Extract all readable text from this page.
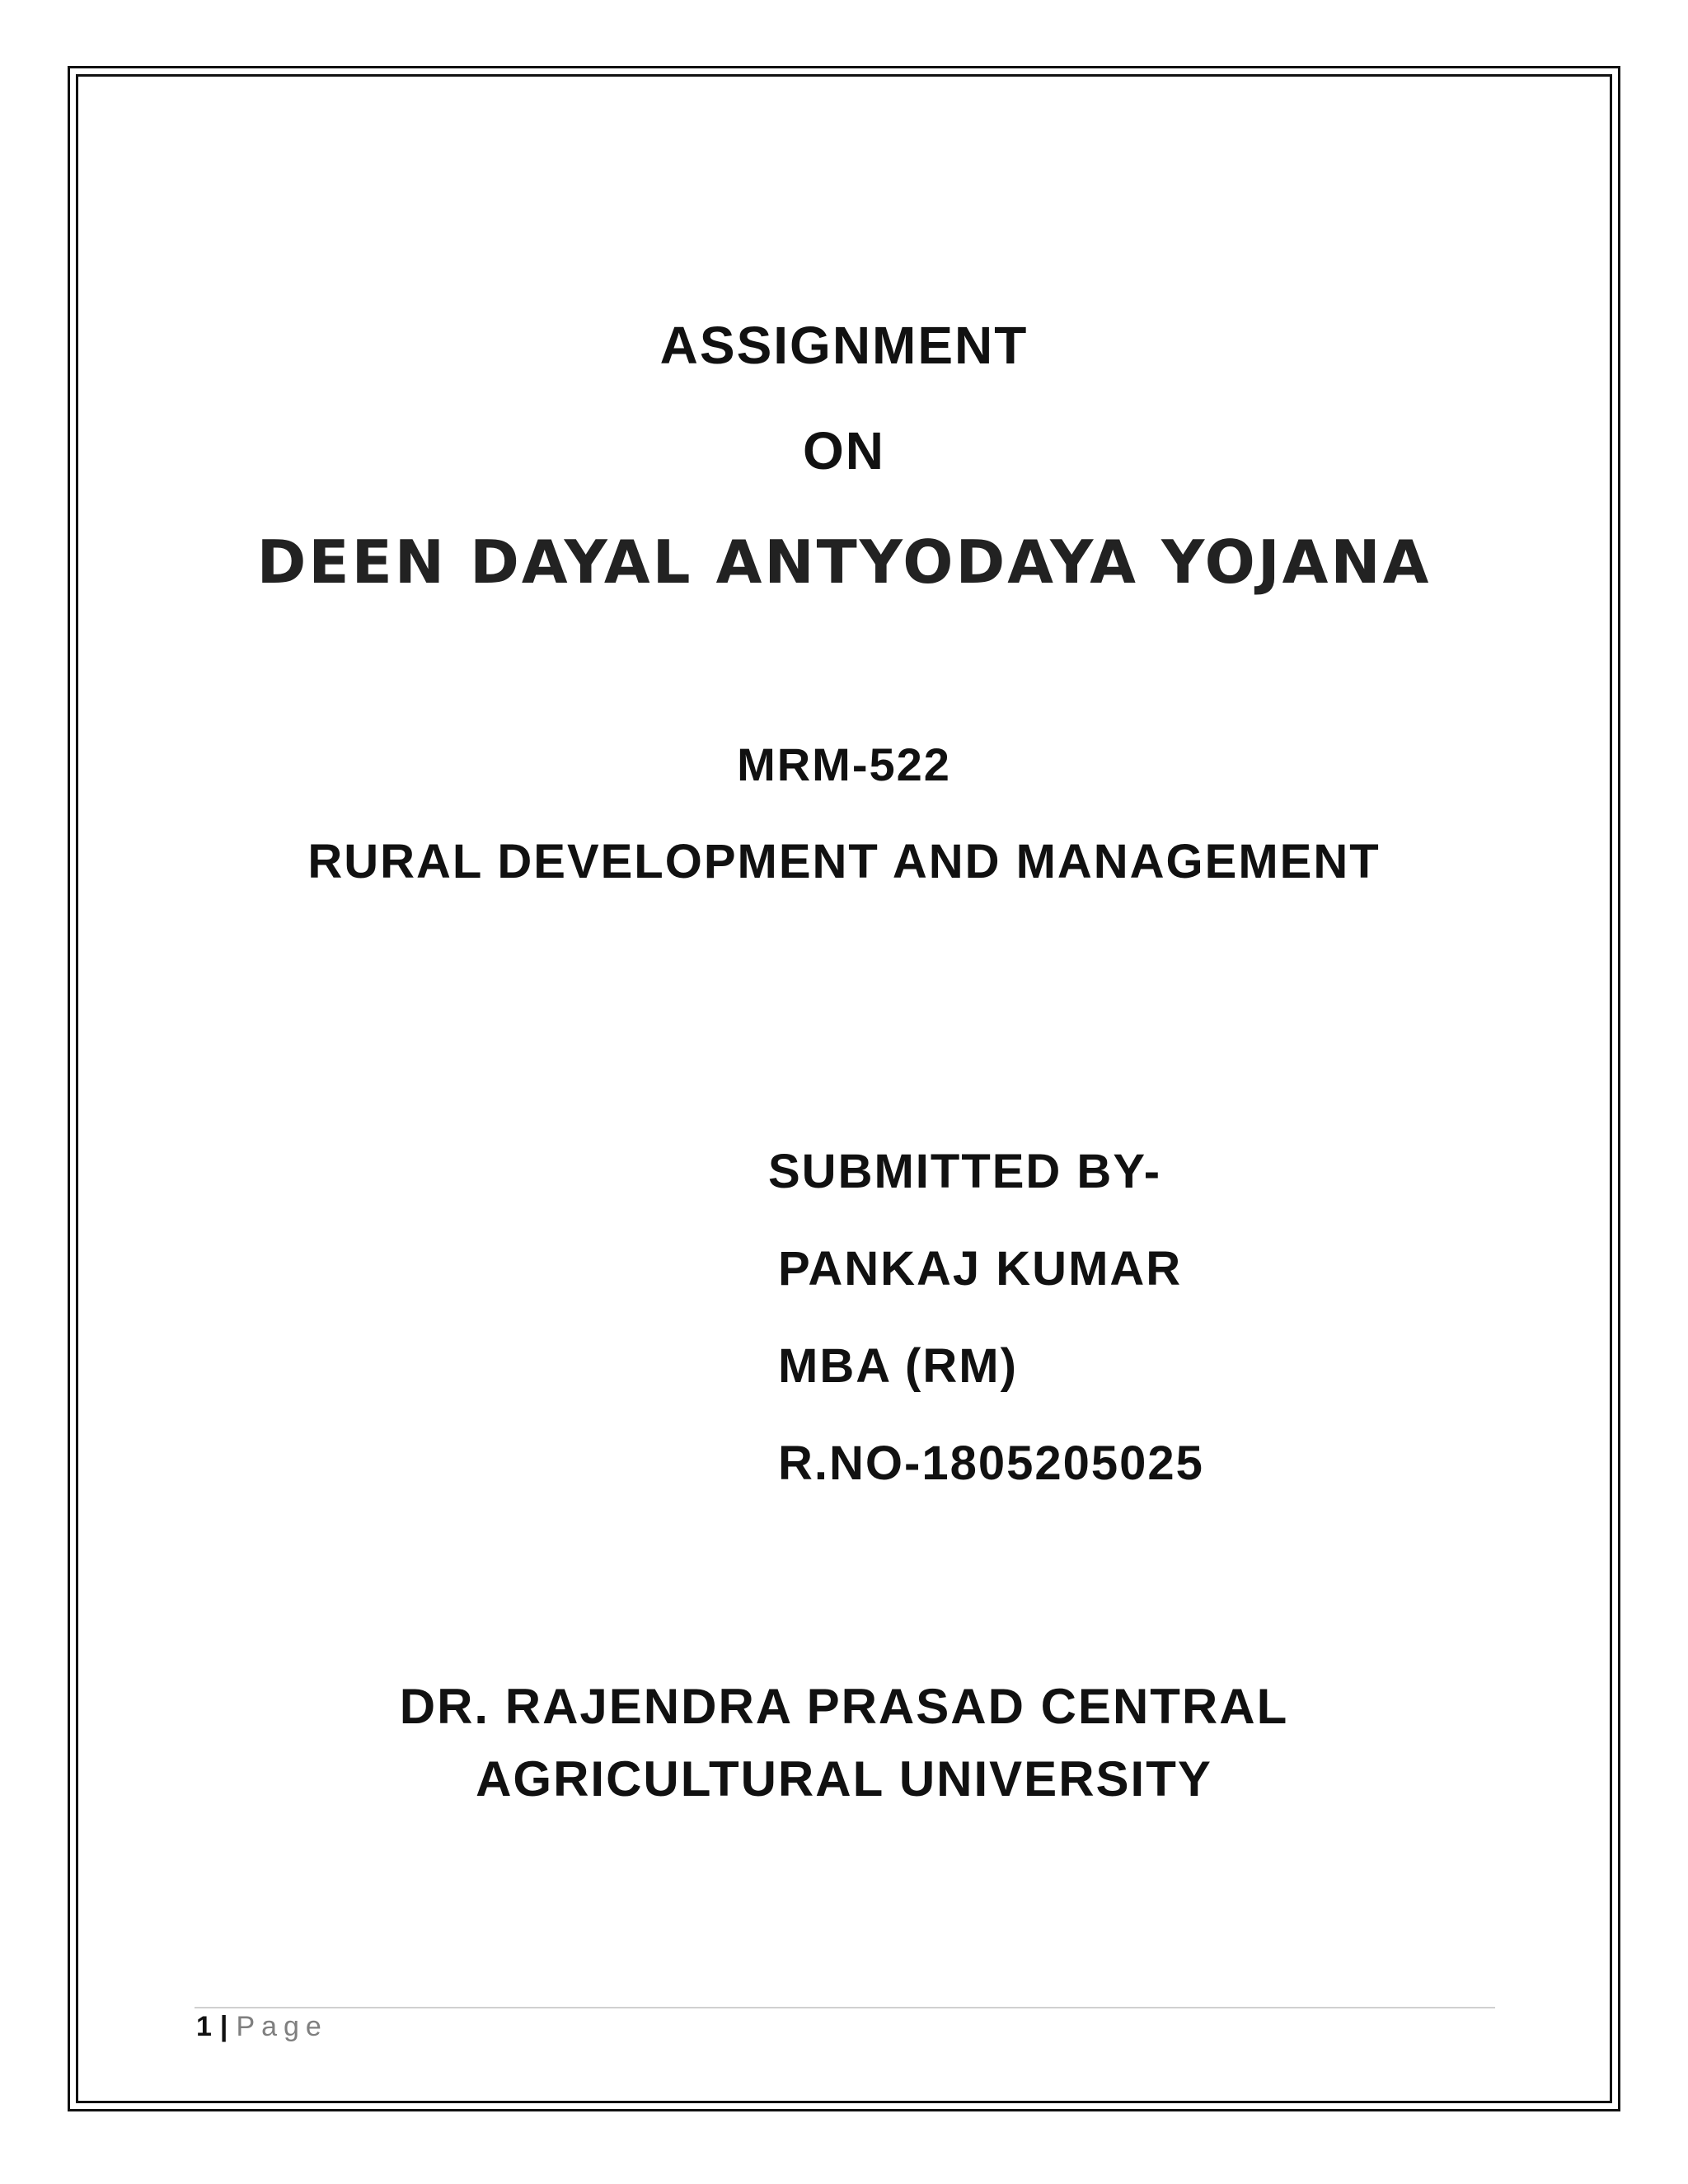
ASSIGNMENT
ON
DEEN DAYAL ANTYODAYA YOJANA
MRM-522
RURAL DEVELOPMENT AND MANAGEMENT
SUBMITTED BY-
PANKAJ KUMAR
MBA (RM)
R.NO-1805205025
DR. RAJENDRA PRASAD CENTRAL
AGRICULTURAL UNIVERSITY
1 | Page
